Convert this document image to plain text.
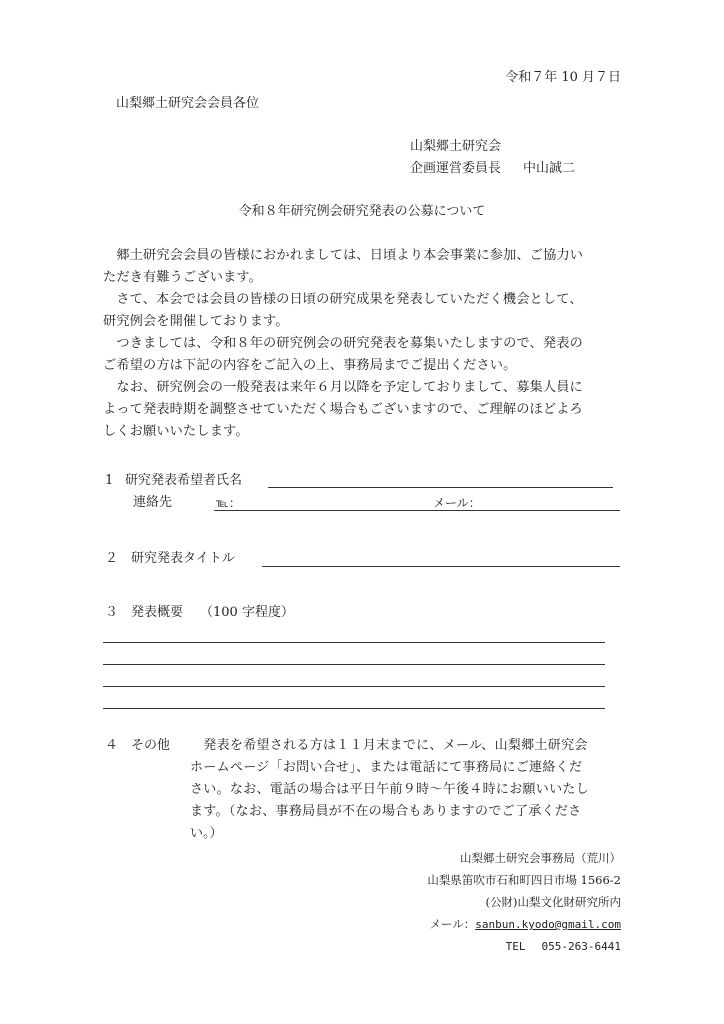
令和７年 10 月７日
山梨郷土研究会会員各位
山梨郷土研究会
企画運営委員長 中山誠二
令和８年研究例会研究発表の公募について
　郷土研究会会員の皆様におかれましては、日頃より本会事業に参加、ご協力い
ただき有難うございます。
　さて、本会では会員の皆様の日頃の研究成果を発表していただく機会として、
研究例会を開催しております。
　つきましては、令和８年の研究例会の研究発表を募集いたしますので、発表の
ご希望の方は下記の内容をご記入の上、事務局までご提出ください。
　なお、研究例会の一般発表は来年６月以降を予定しておりまして、募集人員に
よって発表時期を調整させていただく場合もございますので、ご理解のほどよろ
しくお願いいたします。
1 研究発表希望者氏名
連絡先	℡：	メール：
２ 研究発表タイトル
３ 発表概要 （100 字程度）
４ その他 　発表を希望される方は１１月末までに、メール、山梨郷土研究会
ホームページ「お問い合せ」、または電話にて事務局にご連絡くだ
さい。なお、電話の場合は平日午前９時～午後４時にお願いいたし
ます。（なお、事務局員が不在の場合もありますのでご了承くださ
い。）
山梨郷土研究会事務局（荒川）
山梨県笛吹市石和町四日市場 1566-2
(公財)山梨文化財研究所内
メール：sanbun.kyodo@gmail.com
TEL 055-263-6441
